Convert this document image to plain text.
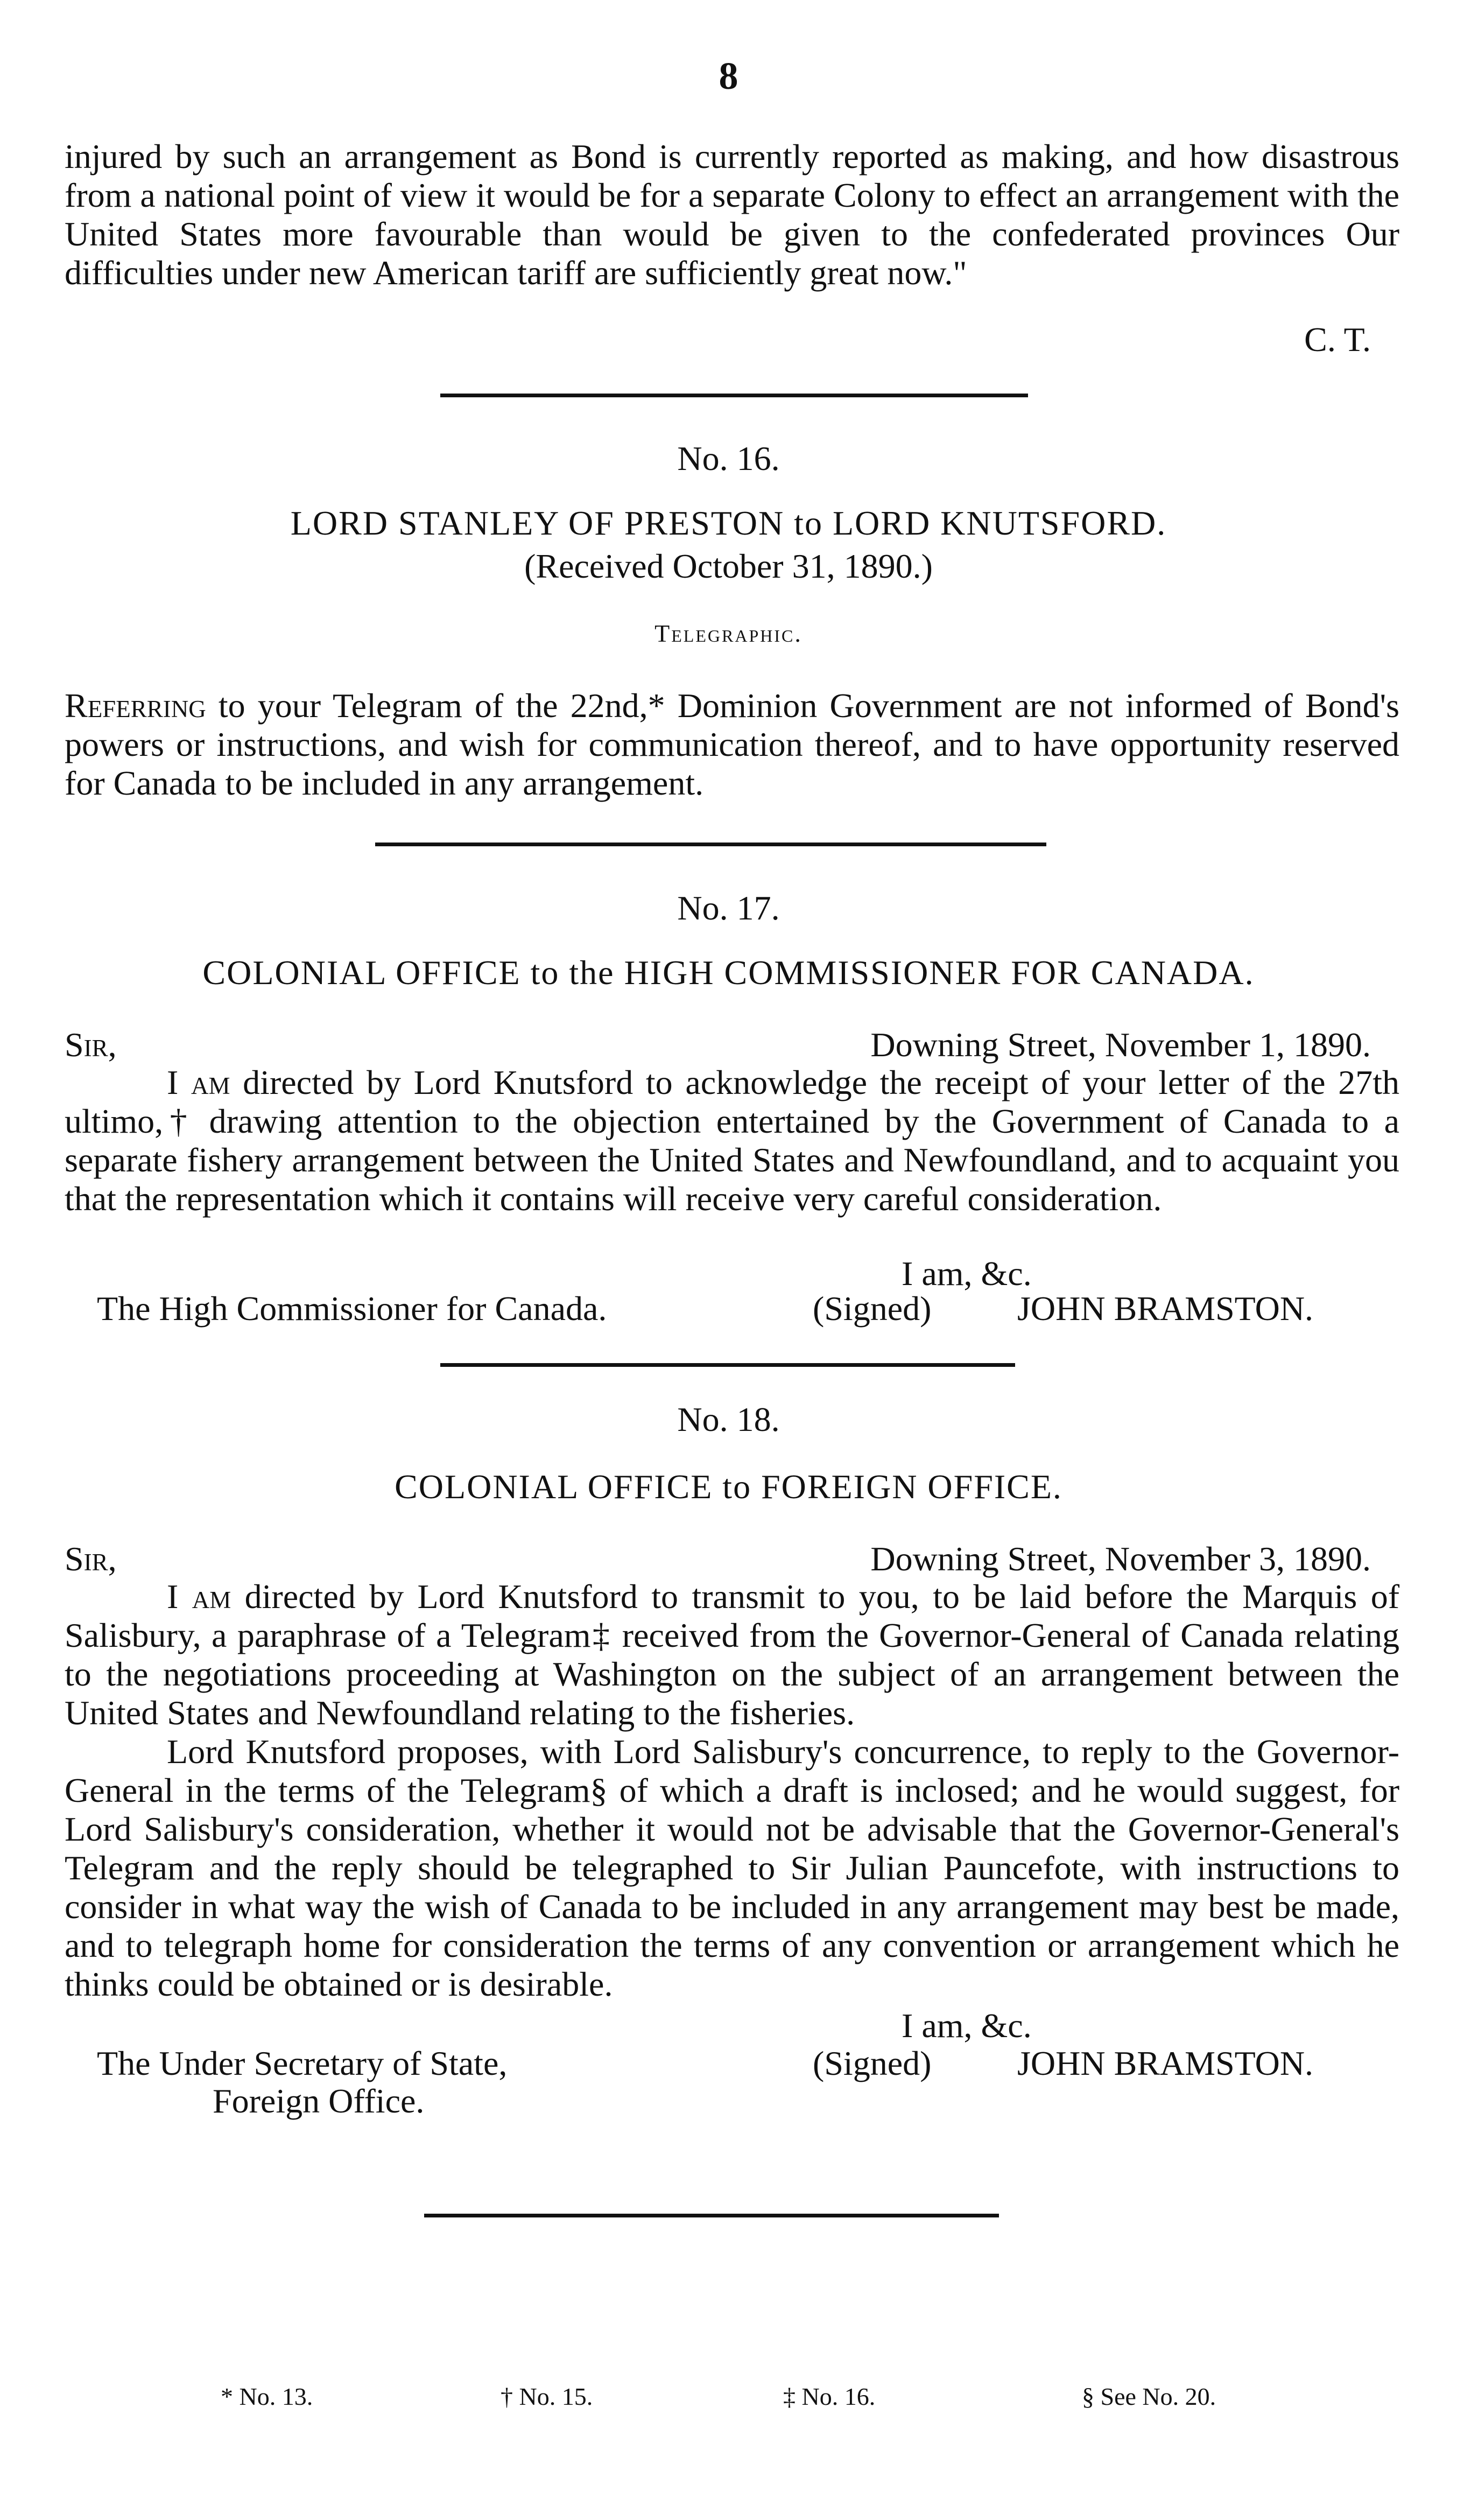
8

injured by such an arrangement as Bond is currently reported as making, and how disastrous from a national point of view it would be for a separate Colony to effect an arrangement with the United States more favourable than would be given to the confederated provinces Our difficulties under new American tariff are sufficiently great now."

C. T.
No. 16.
LORD STANLEY OF PRESTON to LORD KNUTSFORD.
(Received October 31, 1890.)
Telegraphic.

Referring to your Telegram of the 22nd,* Dominion Government are not informed of Bond's powers or instructions, and wish for communication thereof, and to have opportunity reserved for Canada to be included in any arrangement.

No. 17.
COLONIAL OFFICE to the HIGH COMMISSIONER FOR CANADA.
Sir,	Downing Street, November 1, 1890.

I am directed by Lord Knutsford to acknowledge the receipt of your letter of the 27th ultimo,† drawing attention to the objection entertained by the Government of Canada to a separate fishery arrangement between the United States and Newfoundland, and to acquaint you that the representation which it contains will receive very careful consideration.

I am, &c.
The High Commissioner for Canada.	(Signed) JOHN BRAMSTON.
No. 18.
COLONIAL OFFICE to FOREIGN OFFICE.
Sir,	Downing Street, November 3, 1890.

I am directed by Lord Knutsford to transmit to you, to be laid before the Marquis of Salisbury, a paraphrase of a Telegram‡ received from the Governor-General of Canada relating to the negotiations proceeding at Washington on the subject of an arrangement between the United States and Newfoundland relating to the fisheries.

Lord Knutsford proposes, with Lord Salisbury's concurrence, to reply to the Governor-General in the terms of the Telegram§ of which a draft is inclosed; and he would suggest, for Lord Salisbury's consideration, whether it would not be advisable that the Governor-General's Telegram and the reply should be telegraphed to Sir Julian Pauncefote, with instructions to consider in what way the wish of Canada to be included in any arrangement may best be made, and to telegraph home for consideration the terms of any convention or arrangement which he thinks could be obtained or is desirable.

I am, &c.
The Under Secretary of State,
Foreign Office.
(Signed) JOHN BRAMSTON.
* No. 13.	† No. 15.	‡ No. 16.	§ See No. 20.
